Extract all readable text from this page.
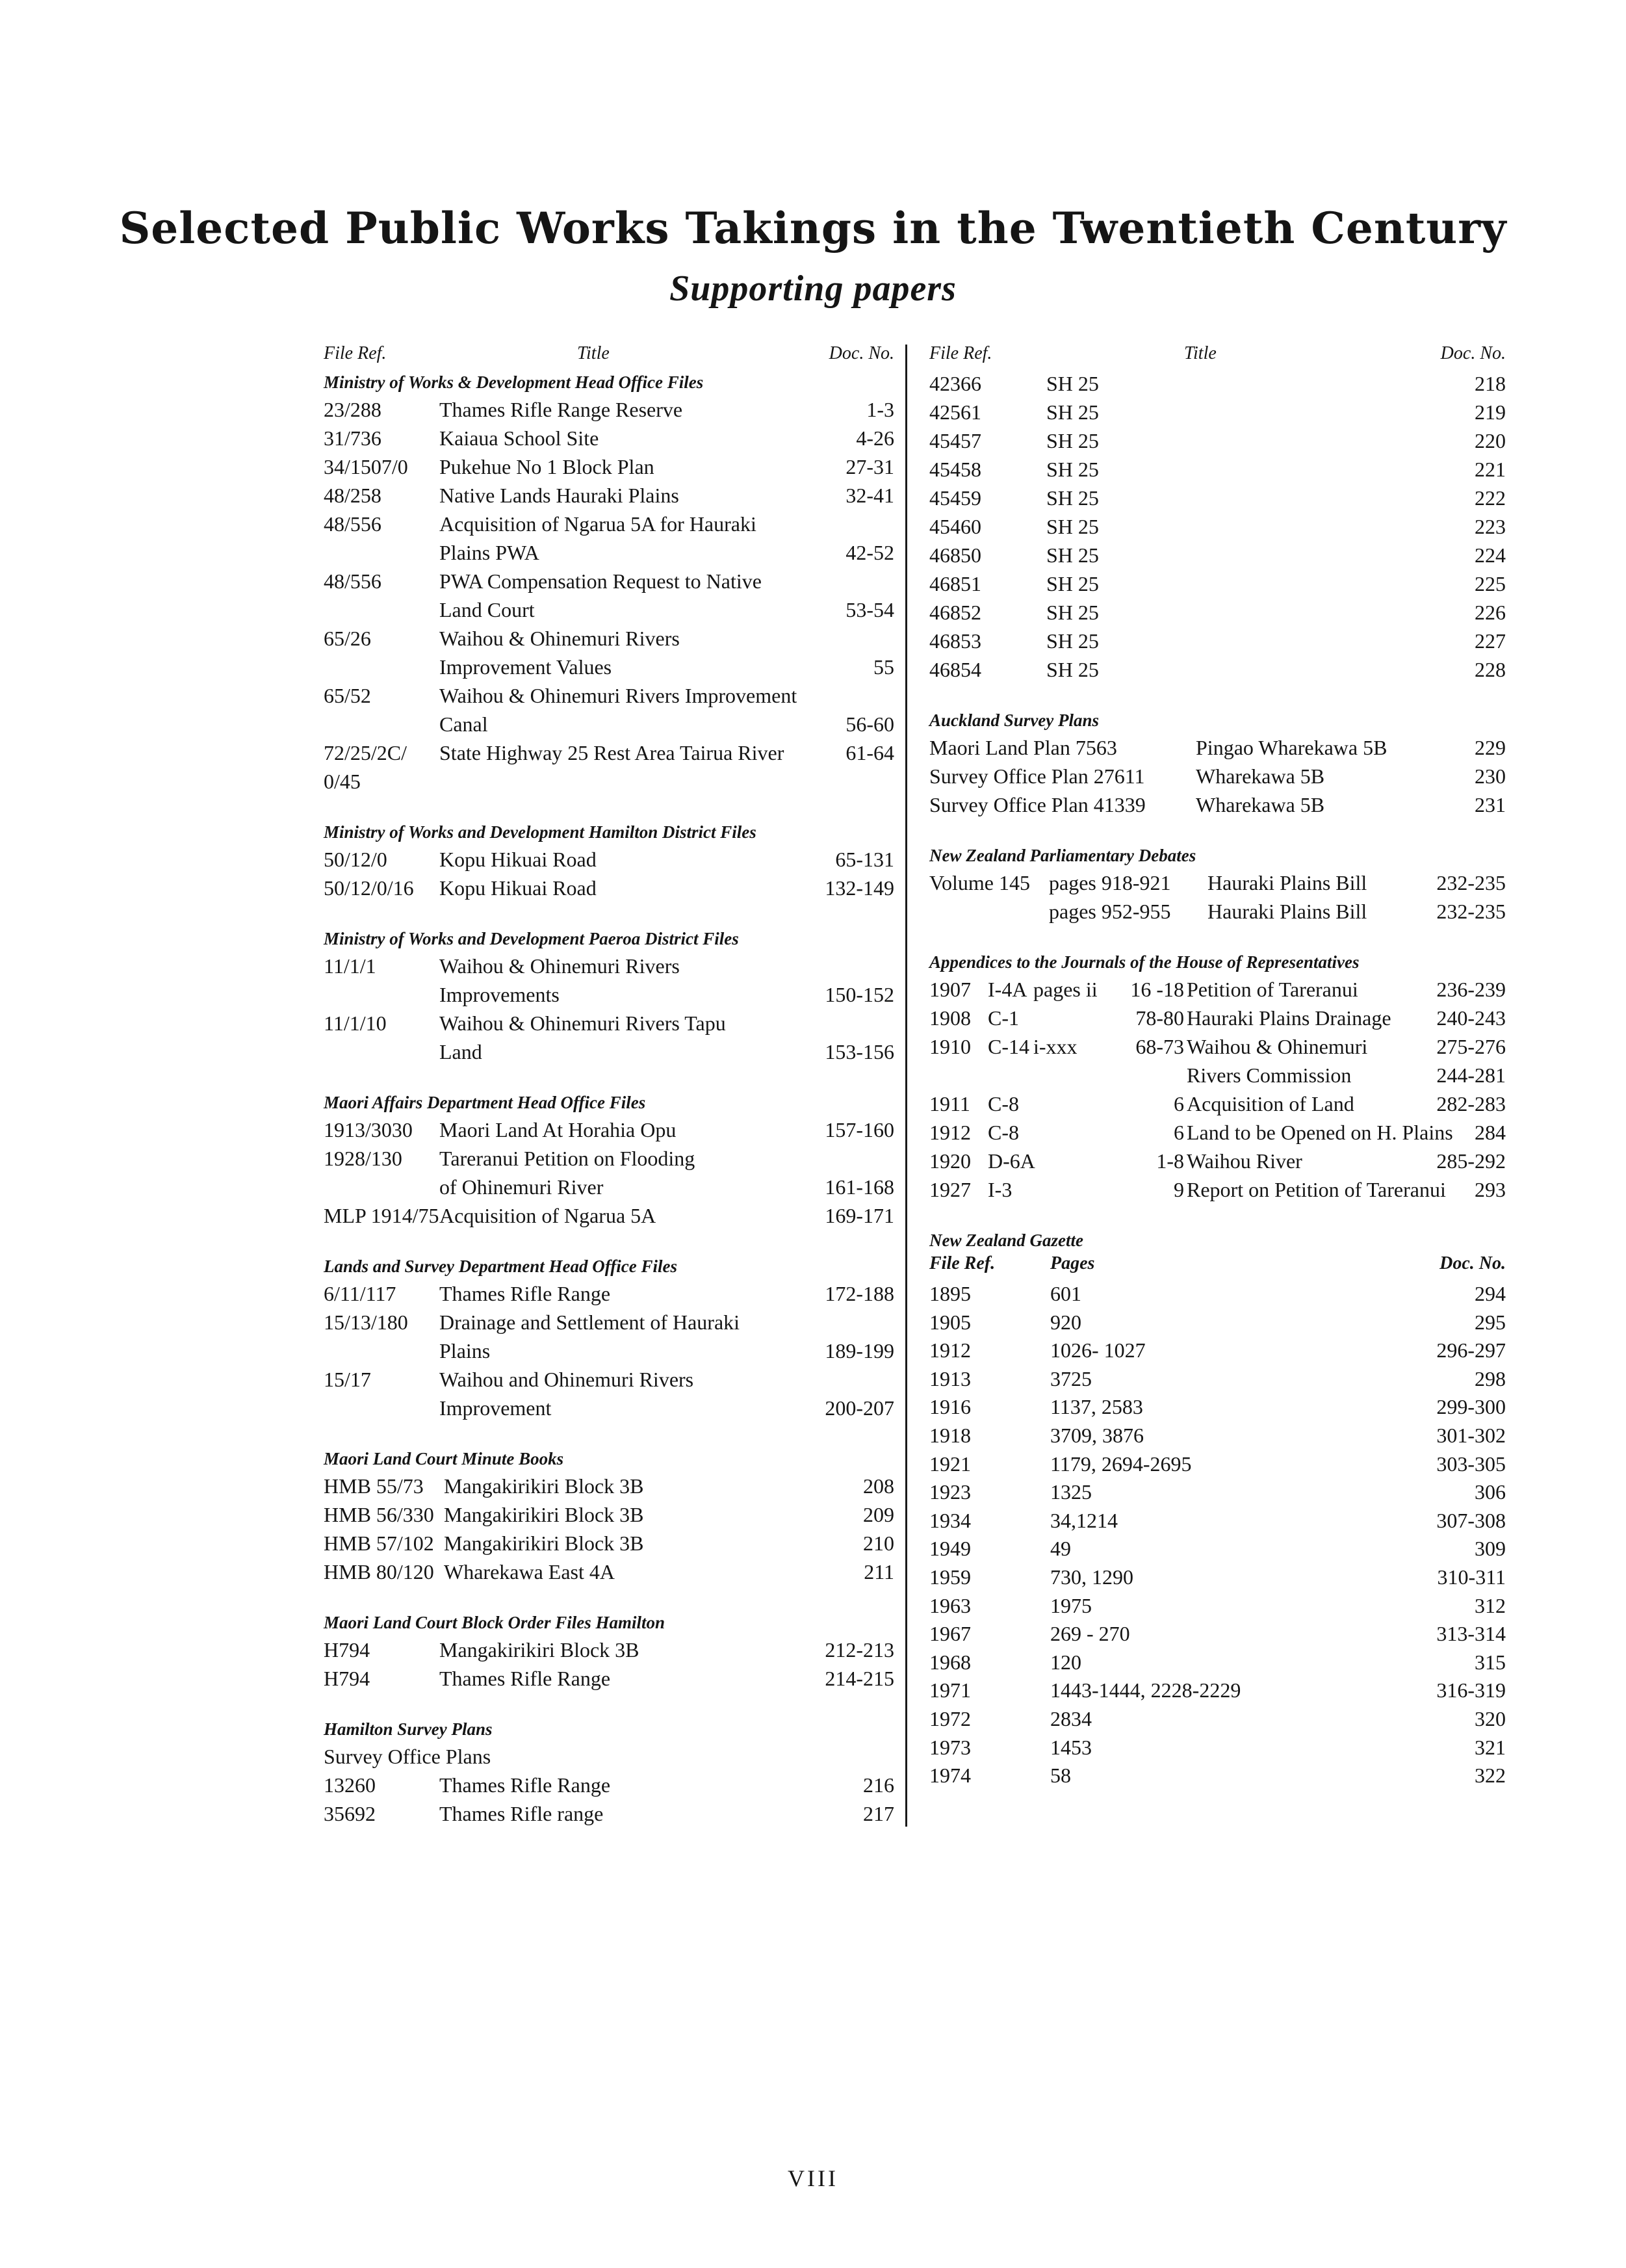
Selected Public Works Takings in the Twentieth Century
Supporting papers
File Ref.	Title	Doc. No.
Ministry of Works & Development Head Office Files
23/288	Thames Rifle Range Reserve	1-3
31/736	Kaiaua School Site	4-26
34/1507/0 Pukehue No 1 Block Plan	27-31
48/258	Native Lands Hauraki Plains	32-41
48/556	Acquisition of Ngarua 5A for Hauraki
Plains PWA	42-52
48/556	PWA Compensation Request to Native
Land Court	53-54
65/26	Waihou & Ohinemuri Rivers
Improvement Values	55
65/52	Waihou & Ohinemuri Rivers Improvement
Canal	56-60
72/25/2C/ State Highway 25 Rest Area Tairua River	61-64
0/45
Ministry of Works and Development Hamilton District Files
50/12/0	Kopu Hikuai Road	65-131
50/12/0/16 Kopu Hikuai Road	132-149
Ministry of Works and Development Paeroa District Files
11/1/1	Waihou & Ohinemuri Rivers
Improvements	150-152
11/1/10	Waihou & Ohinemuri Rivers Tapu
Land	153-156
Maori Affairs Department Head Office Files
1913/3030 Maori Land At Horahia Opu	157-160
1928/130 Tareranui Petition on Flooding
of Ohinemuri River	161-168
MLP 1914/75 Acquisition of Ngarua 5A	169-171
Lands and Survey Department Head Office Files
6/11/117 Thames Rifle Range	172-188
15/13/180 Drainage and Settlement of Hauraki
Plains	189-199
15/17	Waihou and Ohinemuri Rivers
Improvement	200-207
Maori Land Court Minute Books
HMB 55/73 Mangakirikiri Block 3B	208
HMB 56/330 Mangakirikiri Block 3B	209
HMB 57/102 Mangakirikiri Block 3B	210
HMB 80/120 Wharekawa East 4A	211
Maori Land Court Block Order Files Hamilton
H794	Mangakirikiri Block 3B	212-213
H794	Thames Rifle Range	214-215
Hamilton Survey Plans
Survey Office Plans
13260	Thames Rifle Range	216
35692	Thames Rifle range	217
File Ref.	Title	Doc. No.
42366	SH 25	218
42561	SH 25	219
45457	SH 25	220
45458	SH 25	221
45459	SH 25	222
45460	SH 25	223
46850	SH 25	224
46851	SH 25	225
46852	SH 25	226
46853	SH 25	227
46854	SH 25	228
Auckland Survey Plans
Maori Land Plan 7563	Pingao Wharekawa 5B	229
Survey Office Plan 27611 Wharekawa 5B	230
Survey Office Plan 41339 Wharekawa 5B	231
New Zealand Parliamentary Debates
Volume 145 pages 918-921 Hauraki Plains Bill	232-235
pages 952-955 Hauraki Plains Bill	232-235
Appendices to the Journals of the House of Representatives
1907 I-4A pages ii	16 -18 Petition of Tareranui	236-239
1908 C-1	78-80 Hauraki Plains Drainage 240-243
1910 C-14 i-xxx	68-73 Waihou & Ohinemuri	275-276
Rivers Commission	244-281
1911 C-8	6 Acquisition of Land	282-283
1912 C-8	6 Land to be Opened on H. Plains 284
1920 D-6A	1-8 Waihou River	285-292
1927 I-3	9 Report on Petition of Tareranui 293
New Zealand Gazette
File Ref.	Pages	Doc. No.
1895	601	294
1905	920	295
1912	1026- 1027	296-297
1913	3725	298
1916	1137, 2583	299-300
1918	3709, 3876	301-302
1921	1179, 2694-2695	303-305
1923	1325	306
1934	34,1214	307-308
1949	49	309
1959	730, 1290	310-311
1963	1975	312
1967	269 - 270	313-314
1968	120	315
1971	1443-1444, 2228-2229	316-319
1972	2834	320
1973	1453	321
1974	58	322
VIII
